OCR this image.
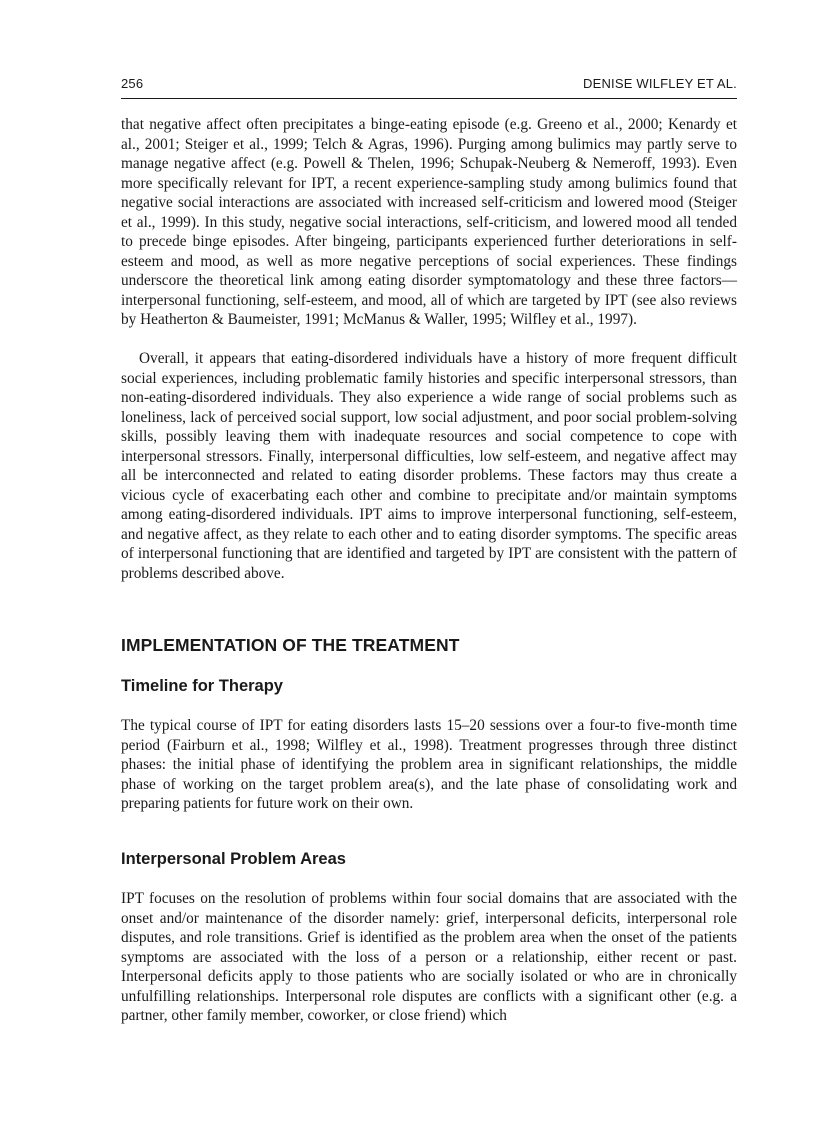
256	DENISE WILFLEY ET AL.

that negative affect often precipitates a binge-eating episode (e.g. Greeno et al., 2000; Kenardy et al., 2001; Steiger et al., 1999; Telch & Agras, 1996). Purging among bulimics may partly serve to manage negative affect (e.g. Powell & Thelen, 1996; Schupak-Neuberg & Nemeroff, 1993). Even more specifically relevant for IPT, a recent experience-sampling study among bulimics found that negative social interactions are associated with increased self-criticism and lowered mood (Steiger et al., 1999). In this study, negative social interactions, self-criticism, and lowered mood all tended to precede binge episodes. After bingeing, participants experienced further deteriorations in self-esteem and mood, as well as more negative perceptions of social experiences. These findings underscore the theoretical link among eating disorder symptomatology and these three factors—interpersonal functioning, self-esteem, and mood, all of which are targeted by IPT (see also reviews by Heatherton & Baumeister, 1991; McManus & Waller, 1995; Wilfley et al., 1997).

Overall, it appears that eating-disordered individuals have a history of more frequent difficult social experiences, including problematic family histories and specific interpersonal stressors, than non-eating-disordered individuals. They also experience a wide range of social problems such as loneliness, lack of perceived social support, low social adjustment, and poor social problem-solving skills, possibly leaving them with inadequate resources and social competence to cope with interpersonal stressors. Finally, interpersonal difficulties, low self-esteem, and negative affect may all be interconnected and related to eating disorder problems. These factors may thus create a vicious cycle of exacerbating each other and combine to precipitate and/or maintain symptoms among eating-disordered individuals. IPT aims to improve interpersonal functioning, self-esteem, and negative affect, as they relate to each other and to eating disorder symptoms. The specific areas of interpersonal functioning that are identified and targeted by IPT are consistent with the pattern of problems described above.

IMPLEMENTATION OF THE TREATMENT
Timeline for Therapy

The typical course of IPT for eating disorders lasts 15–20 sessions over a four-to five-month time period (Fairburn et al., 1998; Wilfley et al., 1998). Treatment progresses through three distinct phases: the initial phase of identifying the problem area in significant relationships, the middle phase of working on the target problem area(s), and the late phase of consolidating work and preparing patients for future work on their own.

Interpersonal Problem Areas

IPT focuses on the resolution of problems within four social domains that are associated with the onset and/or maintenance of the disorder namely: grief, interpersonal deficits, interpersonal role disputes, and role transitions. Grief is identified as the problem area when the onset of the patients symptoms are associated with the loss of a person or a relationship, either recent or past. Interpersonal deficits apply to those patients who are socially isolated or who are in chronically unfulfilling relationships. Interpersonal role disputes are conflicts with a significant other (e.g. a partner, other family member, coworker, or close friend) which
